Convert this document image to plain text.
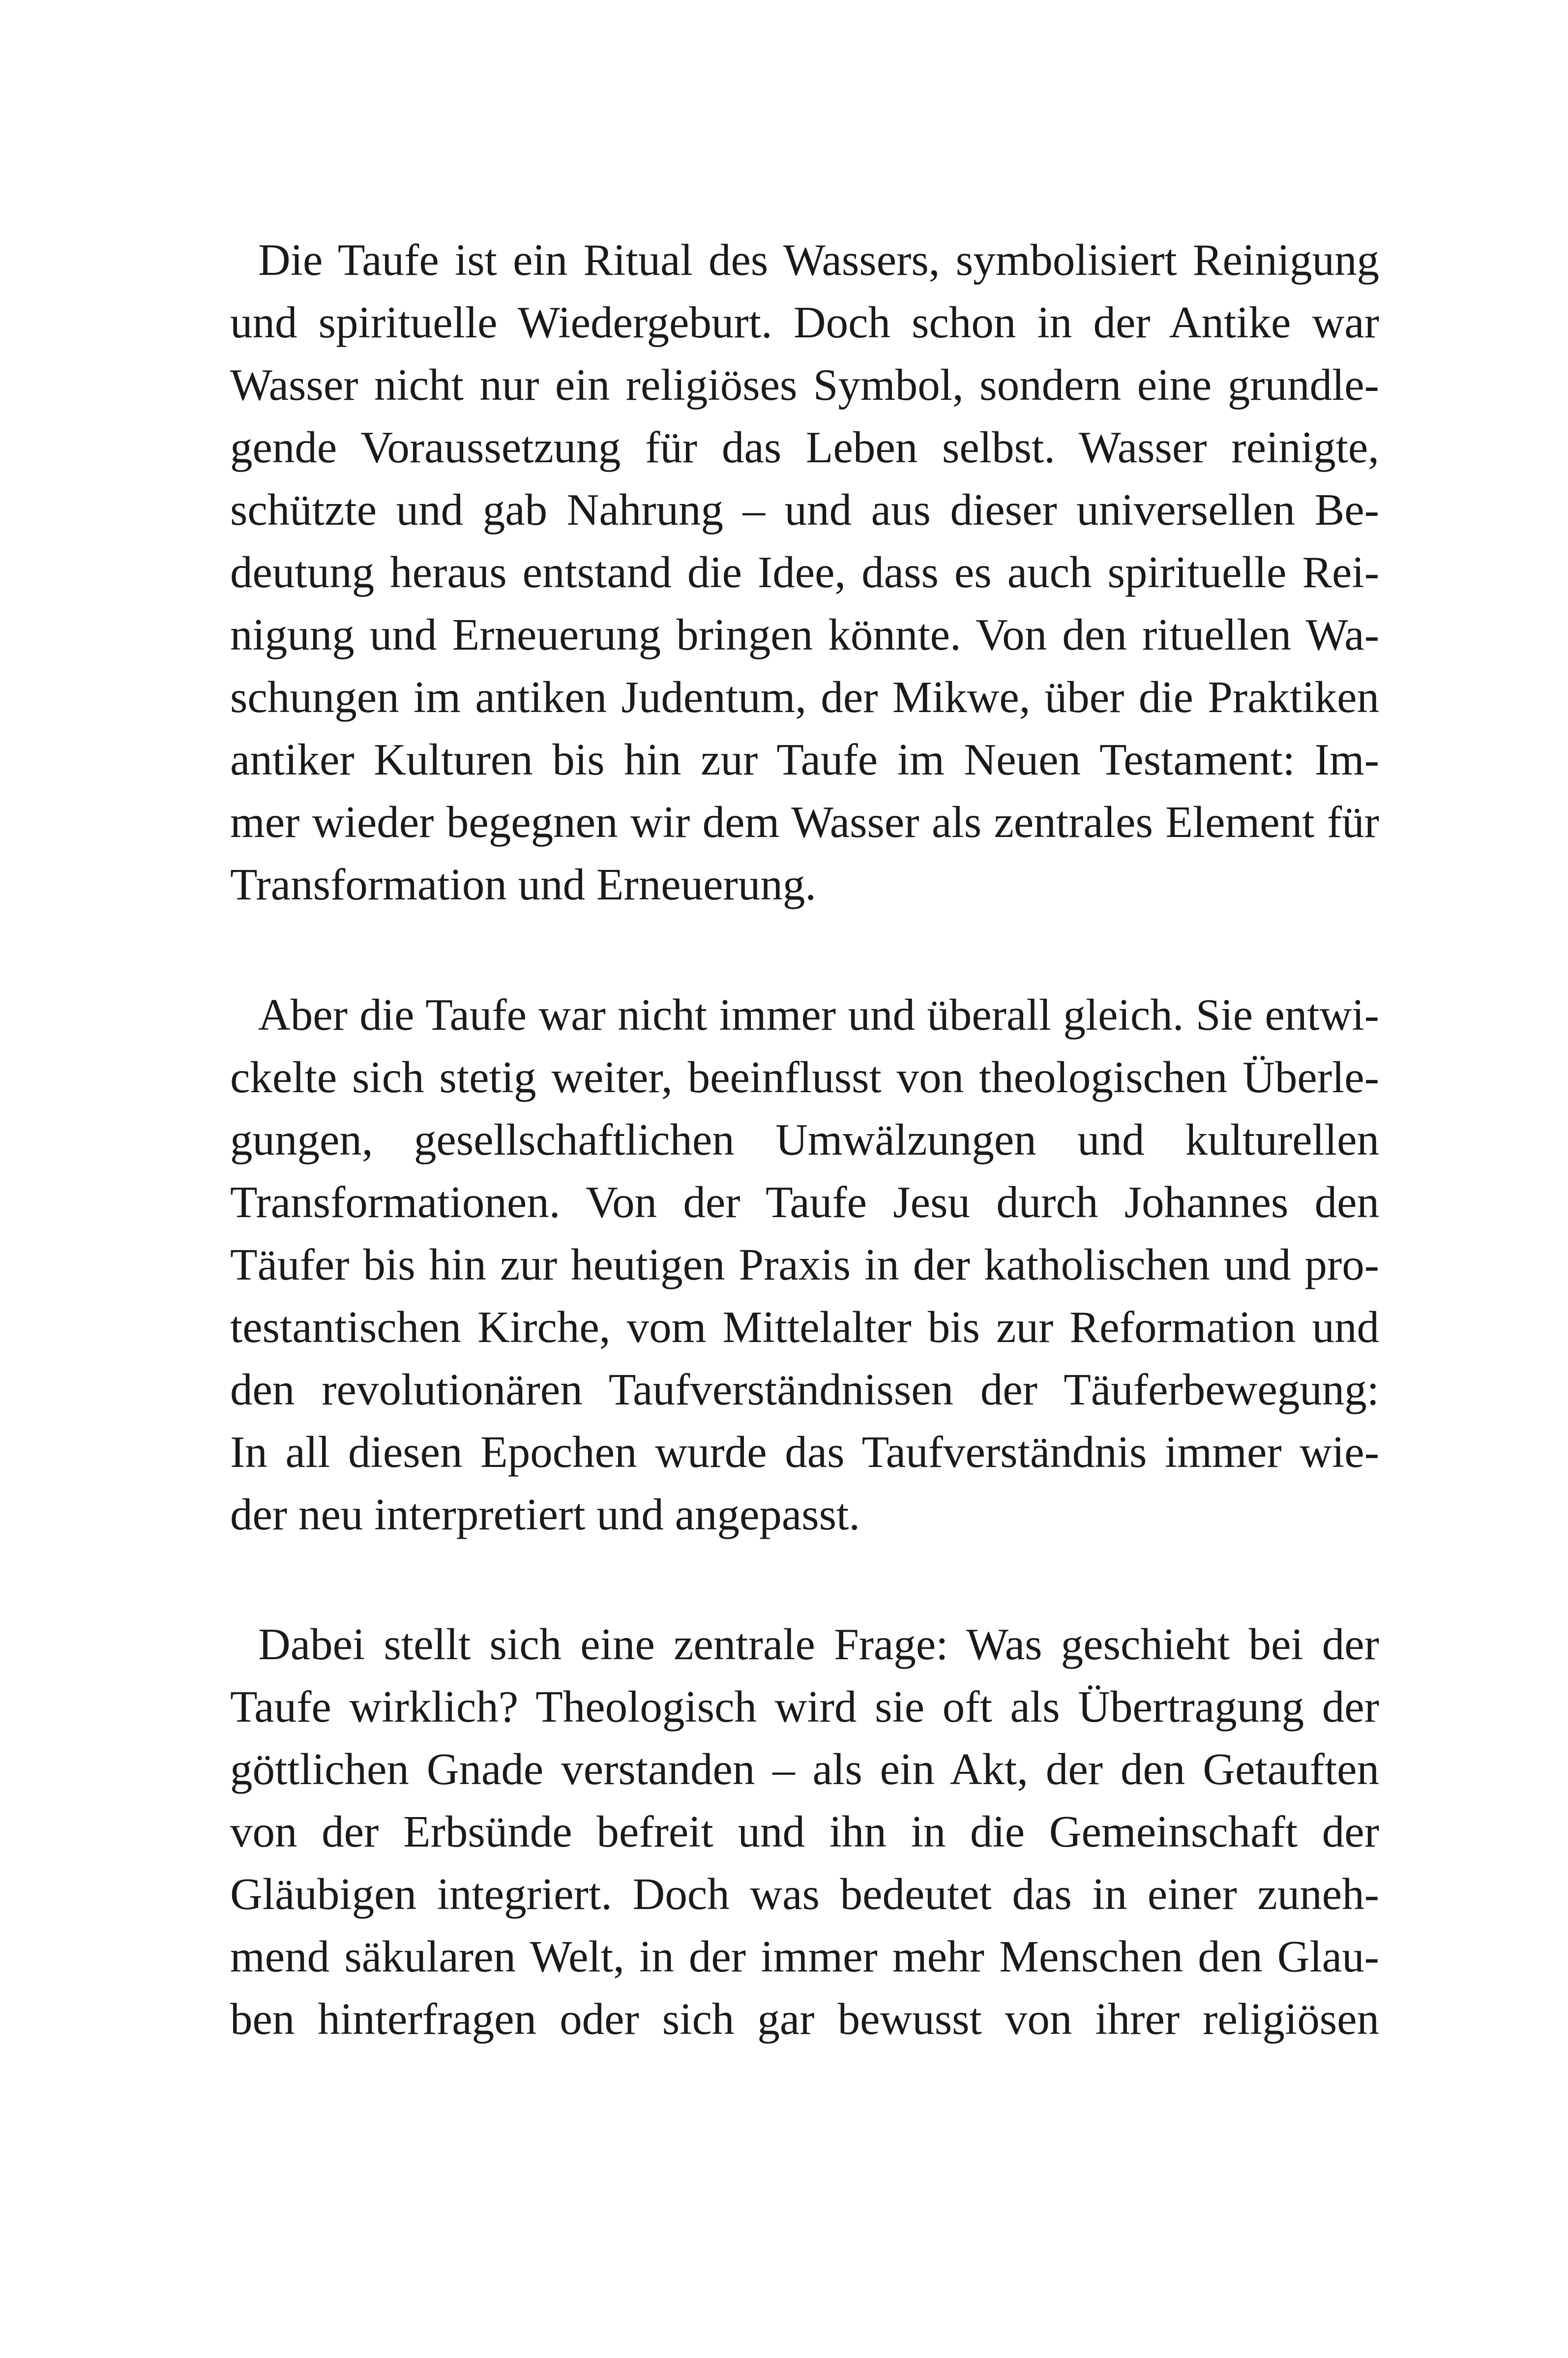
Die Taufe ist ein Ritual des Wassers, symbolisiert Reinigung
und spirituelle Wiedergeburt. Doch schon in der Antike war
Wasser nicht nur ein religiöses Symbol, sondern eine grundle-
gende Voraussetzung für das Leben selbst. Wasser reinigte,
schützte und gab Nahrung – und aus dieser universellen Be-
deutung heraus entstand die Idee, dass es auch spirituelle Rei-
nigung und Erneuerung bringen könnte. Von den rituellen Wa-
schungen im antiken Judentum, der Mikwe, über die Praktiken
antiker Kulturen bis hin zur Taufe im Neuen Testament: Im-
mer wieder begegnen wir dem Wasser als zentrales Element für
Transformation und Erneuerung.
Aber die Taufe war nicht immer und überall gleich. Sie entwi-
ckelte sich stetig weiter, beeinflusst von theologischen Überle-
gungen, gesellschaftlichen Umwälzungen und kulturellen
Transformationen. Von der Taufe Jesu durch Johannes den
Täufer bis hin zur heutigen Praxis in der katholischen und pro-
testantischen Kirche, vom Mittelalter bis zur Reformation und
den revolutionären Taufverständnissen der Täuferbewegung:
In all diesen Epochen wurde das Taufverständnis immer wie-
der neu interpretiert und angepasst.
Dabei stellt sich eine zentrale Frage: Was geschieht bei der
Taufe wirklich? Theologisch wird sie oft als Übertragung der
göttlichen Gnade verstanden – als ein Akt, der den Getauften
von der Erbsünde befreit und ihn in die Gemeinschaft der
Gläubigen integriert. Doch was bedeutet das in einer zuneh-
mend säkularen Welt, in der immer mehr Menschen den Glau-
ben hinterfragen oder sich gar bewusst von ihrer religiösen
